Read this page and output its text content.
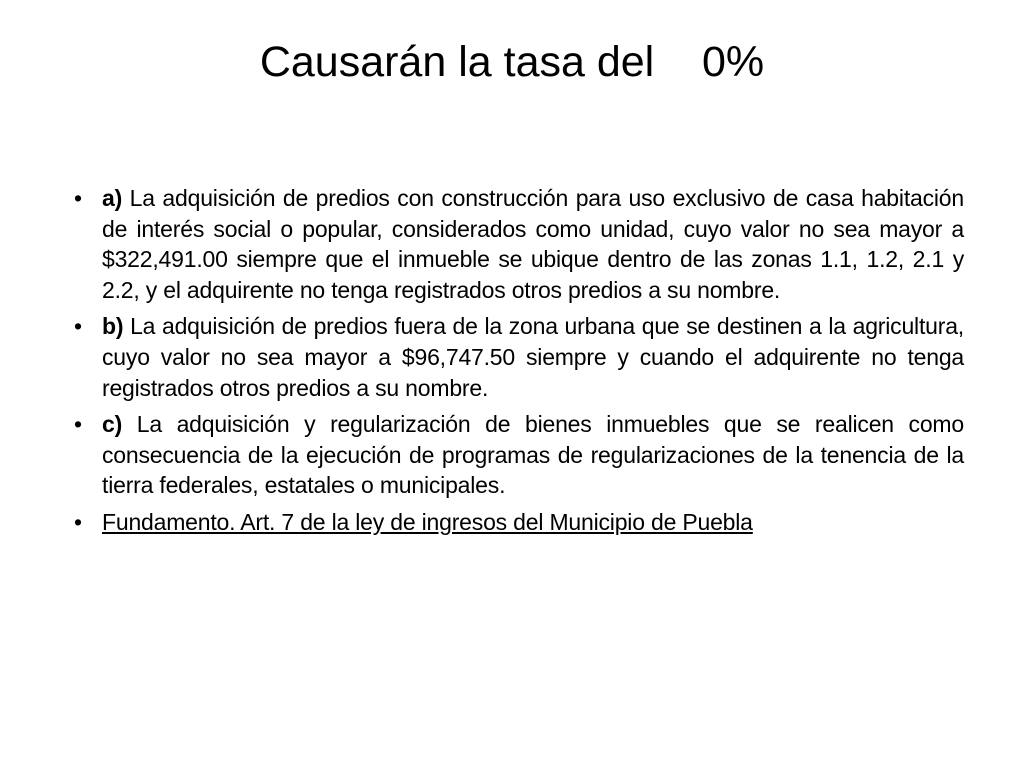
Causarán la tasa del    0%
• a) La adquisición de predios con construcción para uso exclusivo de casa habitación de interés social o popular, considerados como unidad, cuyo valor no sea mayor a $322,491.00 siempre que el inmueble se ubique dentro de las zonas 1.1, 1.2, 2.1 y 2.2, y el adquirente no tenga registrados otros predios a su nombre.
• b) La adquisición de predios fuera de la zona urbana que se destinen a la agricultura, cuyo valor no sea mayor a $96,747.50 siempre y cuando el adquirente no tenga registrados otros predios a su nombre.
• c) La adquisición y regularización de bienes inmuebles que se realicen como consecuencia de la ejecución de programas de regularizaciones de la tenencia de la tierra federales, estatales o municipales.
• Fundamento. Art. 7 de la ley de ingresos del Municipio de Puebla
